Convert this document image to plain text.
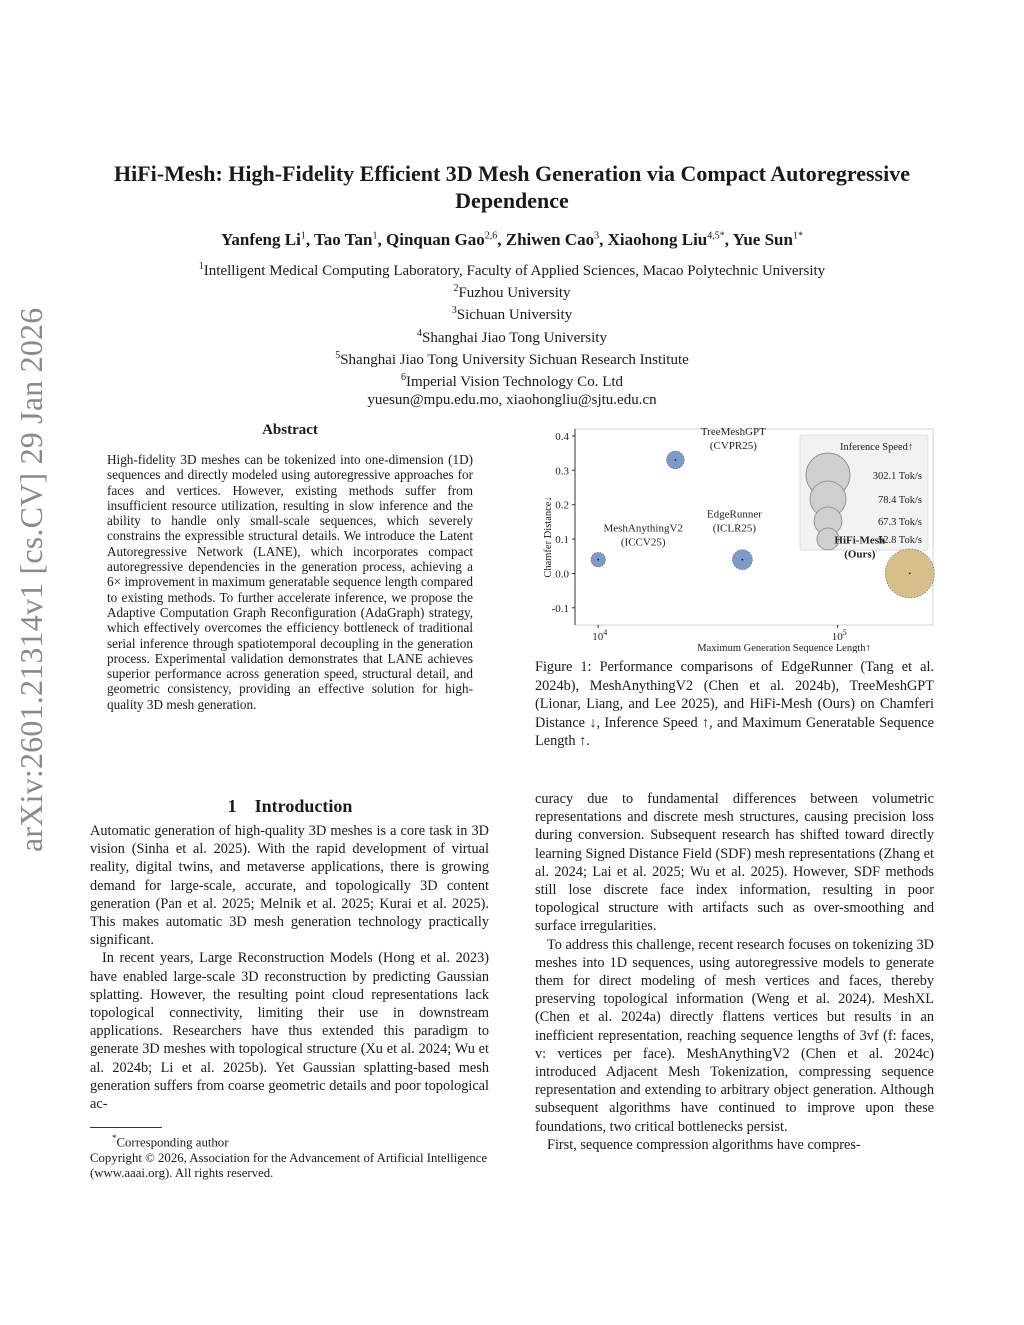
arXiv:2601.21314v1 [cs.CV] 29 Jan 2026
HiFi-Mesh: High-Fidelity Efficient 3D Mesh Generation via Compact Autoregressive Dependence
Yanfeng Li$^1$, Tao Tan$^1$, Qinquan Gao$^{2,6}$, Zhiwen Cao$^3$, Xiaohong Liu$^{4,5*}$, Yue Sun$^{1*}$
$^1$Intelligent Medical Computing Laboratory, Faculty of Applied Sciences, Macao Polytechnic University
$^2$Fuzhou University
$^3$Sichuan University
$^4$Shanghai Jiao Tong University
$^5$Shanghai Jiao Tong University Sichuan Research Institute
$^6$Imperial Vision Technology Co. Ltd
yuesun@mpu.edu.mo, xiaohongliu@sjtu.edu.cn
Abstract
High-fidelity 3D meshes can be tokenized into one-dimension (1D) sequences and directly modeled using autoregressive approaches for faces and vertices. However, existing methods suffer from insufficient resource utilization, resulting in slow inference and the ability to handle only small-scale sequences, which severely constrains the expressible structural details. We introduce the Latent Autoregressive Network (LANE), which incorporates compact autoregressive dependencies in the generation process, achieving a 6× improvement in maximum generatable sequence length compared to existing methods. To further accelerate inference, we propose the Adaptive Computation Graph Reconfiguration (AdaGraph) strategy, which effectively overcomes the efficiency bottleneck of traditional serial inference through spatiotemporal decoupling in the generation process. Experimental validation demonstrates that LANE achieves superior performance across generation speed, structural detail, and geometric consistency, providing an effective solution for high-quality 3D mesh generation.
1 Introduction

Automatic generation of high-quality 3D meshes is a core task in 3D vision (Sinha et al. 2025). With the rapid development of virtual reality, digital twins, and metaverse applications, there is growing demand for large-scale, accurate, and topologically 3D content generation (Pan et al. 2025; Melnik et al. 2025; Kurai et al. 2025). This makes automatic 3D mesh generation technology practically significant.

In recent years, Large Reconstruction Models (Hong et al. 2023) have enabled large-scale 3D reconstruction by predicting Gaussian splatting. However, the resulting point cloud representations lack topological connectivity, limiting their use in downstream applications. Researchers have thus extended this paradigm to generate 3D meshes with topological structure (Xu et al. 2024; Wu et al. 2024b; Li et al. 2025b). Yet Gaussian splatting-based mesh generation suffers from coarse geometric details and poor topological ac-

*Corresponding author
Copyright © 2026, Association for the Advancement of Artificial Intelligence (www.aaai.org). All rights reserved.
0.4
0.3
0.2
0.1
0.0
-0.1
$10^4$	$10^5$
Maximum Generation Sequence Length↑
Chamfer Distance↓
Inference Speed↑
302.1 Tok/s
78.4 Tok/s
67.3 Tok/s
52.8 Tok/s
MeshAnythingV2
(ICCV25)
TreeMeshGPT
(CVPR25)
EdgeRunner
(ICLR25)
HiFi-Mesh
(Ours)
Figure 1: Performance comparisons of EdgeRunner (Tang et al. 2024b), MeshAnythingV2 (Chen et al. 2024b), TreeMeshGPT (Lionar, Liang, and Lee 2025), and HiFi-Mesh (Ours) on Chamferi Distance ↓, Inference Speed ↑, and Maximum Generatable Sequence Length ↑.

curacy due to fundamental differences between volumetric representations and discrete mesh structures, causing precision loss during conversion. Subsequent research has shifted toward directly learning Signed Distance Field (SDF) mesh representations (Zhang et al. 2024; Lai et al. 2025; Wu et al. 2025). However, SDF methods still lose discrete face index information, resulting in poor topological structure with artifacts such as over-smoothing and surface irregularities.

To address this challenge, recent research focuses on tokenizing 3D meshes into 1D sequences, using autoregressive models to generate them for direct modeling of mesh vertices and faces, thereby preserving topological information (Weng et al. 2024). MeshXL (Chen et al. 2024a) directly flattens vertices but results in an inefficient representation, reaching sequence lengths of 3vf (f: faces, v: vertices per face). MeshAnythingV2 (Chen et al. 2024c) introduced Adjacent Mesh Tokenization, compressing sequence representation and extending to arbitrary object generation. Although subsequent algorithms have continued to improve upon these foundations, two critical bottlenecks persist.

First, sequence compression algorithms have compres-
